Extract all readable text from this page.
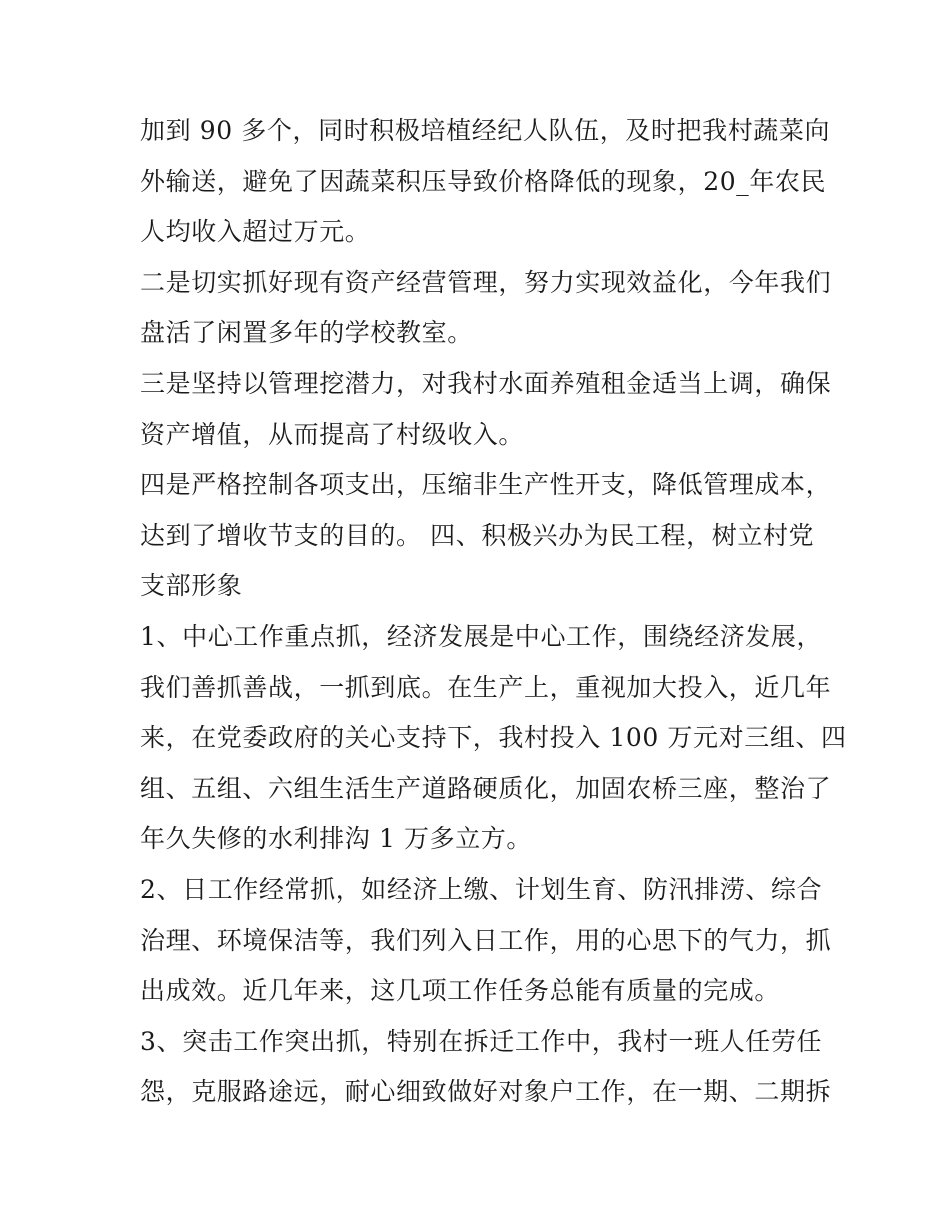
加到 90 多个，同时积极培植经纪人队伍，及时把我村蔬菜向
外输送，避免了因蔬菜积压导致价格降低的现象，20_年农民
人均收入超过万元。

二是切实抓好现有资产经营管理，努力实现效益化，今年我们
盘活了闲置多年的学校教室。

三是坚持以管理挖潜力，对我村水面养殖租金适当上调，确保
资产增值，从而提高了村级收入。

四是严格控制各项支出，压缩非生产性开支，降低管理成本，
达到了增收节支的目的。 四、积极兴办为民工程，树立村党
支部形象

1、中心工作重点抓，经济发展是中心工作，围绕经济发展，
我们善抓善战，一抓到底。在生产上，重视加大投入，近几年
来，在党委政府的关心支持下，我村投入 100 万元对三组、四
组、五组、六组生活生产道路硬质化，加固农桥三座，整治了
年久失修的水利排沟 1 万多立方。

2、日工作经常抓，如经济上缴、计划生育、防汛排涝、综合
治理、环境保洁等，我们列入日工作，用的心思下的气力，抓
出成效。近几年来，这几项工作任务总能有质量的完成。

3、突击工作突出抓，特别在拆迁工作中，我村一班人任劳任
怨，克服路途远，耐心细致做好对象户工作，在一期、二期拆
